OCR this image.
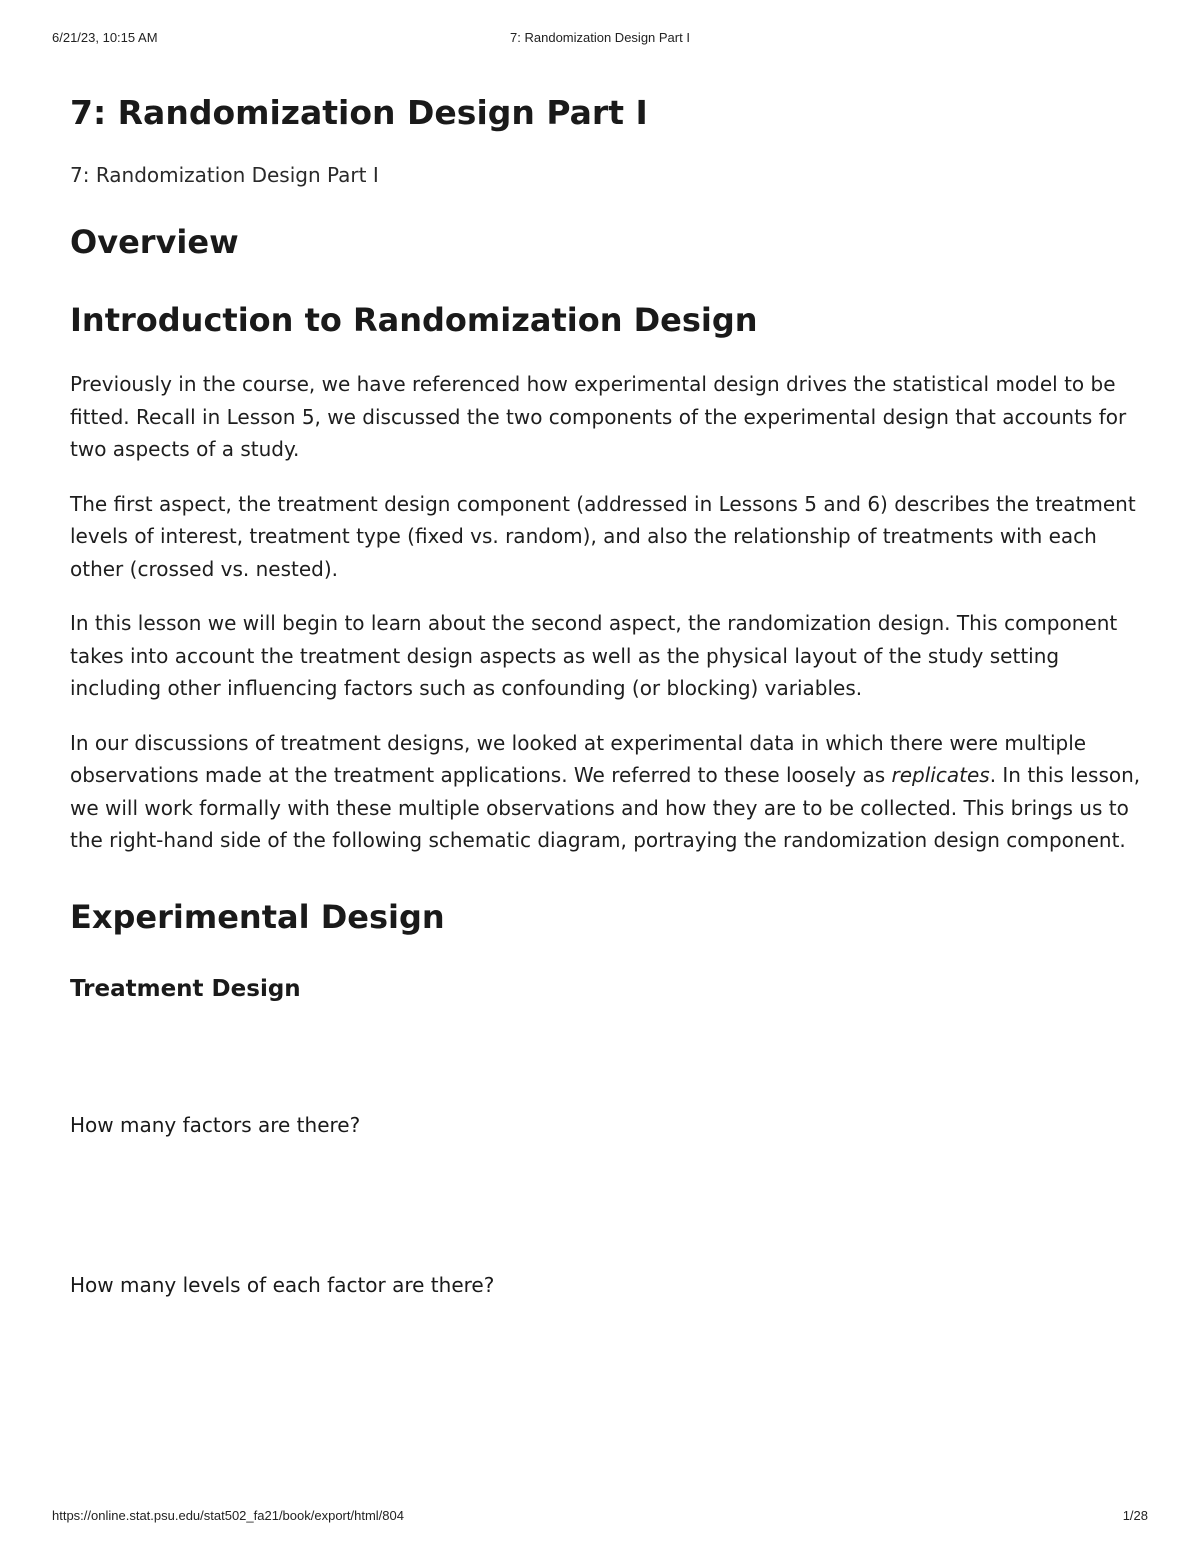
6/21/23, 10:15 AM	7: Randomization Design Part I
7: Randomization Design Part I

7: Randomization Design Part I

Overview
Introduction to Randomization Design

Previously in the course, we have referenced how experimental design drives the statistical model to be fitted. Recall in Lesson 5, we discussed the two components of the experimental design that accounts for two aspects of a study.

The first aspect, the treatment design component (addressed in Lessons 5 and 6) describes the treatment levels of interest, treatment type (fixed vs. random), and also the relationship of treatments with each other (crossed vs. nested).

In this lesson we will begin to learn about the second aspect, the randomization design. This component takes into account the treatment design aspects as well as the physical layout of the study setting including other influencing factors such as confounding (or blocking) variables.

In our discussions of treatment designs, we looked at experimental data in which there were multiple observations made at the treatment applications. We referred to these loosely as replicates. In this lesson, we will work formally with these multiple observations and how they are to be collected. This brings us to the right-hand side of the following schematic diagram, portraying the randomization design component.

Experimental Design
Treatment Design

How many factors are there?

How many levels of each factor are there?

https://online.stat.psu.edu/stat502_fa21/book/export/html/804	1/28
